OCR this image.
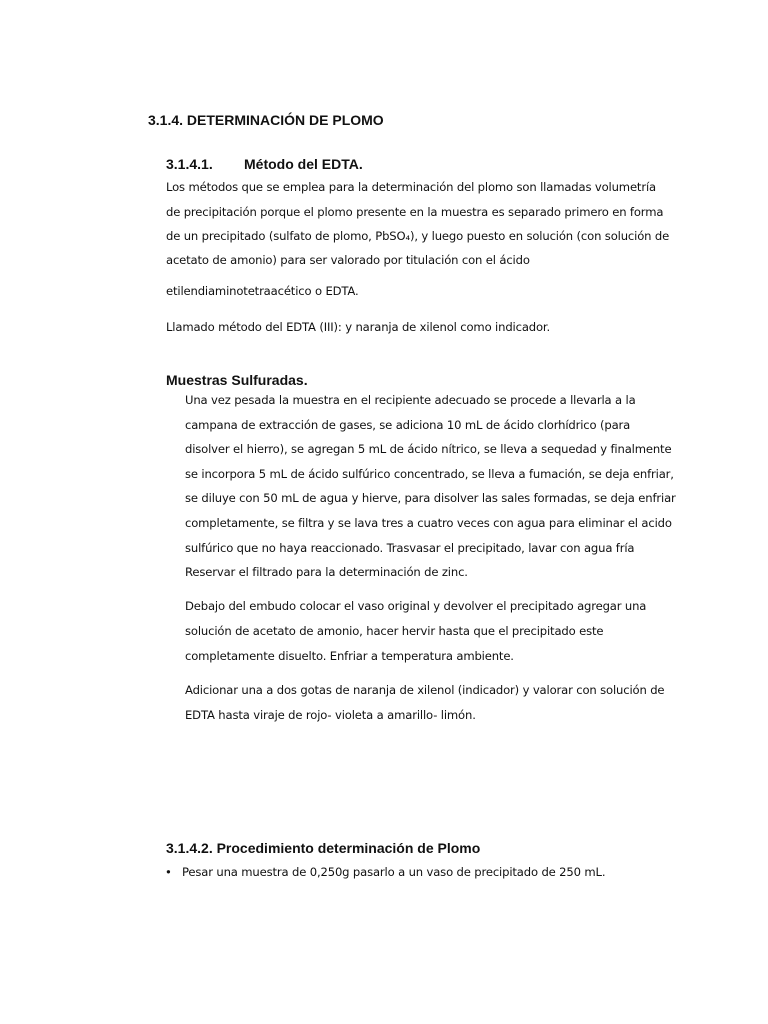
3.1.4. DETERMINACIÓN DE PLOMO
3.1.4.1. Método del EDTA.
Los métodos que se emplea para la determinación del plomo son llamadas volumetría
de precipitación porque el plomo presente en la muestra es separado primero en forma
de un precipitado (sulfato de plomo, PbSO₄), y luego puesto en solución (con solución de
acetato de amonio) para ser valorado por titulación con el ácido
etilendiaminotetraacético o EDTA.
Llamado método del EDTA (III): y naranja de xilenol como indicador.
Muestras Sulfuradas.
Una vez pesada la muestra en el recipiente adecuado se procede a llevarla a la
campana de extracción de gases, se adiciona 10 mL de ácido clorhídrico (para
disolver el hierro), se agregan 5 mL de ácido nítrico, se lleva a sequedad y finalmente
se incorpora 5 mL de ácido sulfúrico concentrado, se lleva a fumación, se deja enfriar,
se diluye con 50 mL de agua y hierve, para disolver las sales formadas, se deja enfriar
completamente, se filtra y se lava tres a cuatro veces con agua para eliminar el acido
sulfúrico que no haya reaccionado. Trasvasar el precipitado, lavar con agua fría
Reservar el filtrado para la determinación de zinc.
Debajo del embudo colocar el vaso original y devolver el precipitado agregar una
solución de acetato de amonio, hacer hervir hasta que el precipitado este
completamente disuelto. Enfriar a temperatura ambiente.
Adicionar una a dos gotas de naranja de xilenol (indicador) y valorar con solución de
EDTA hasta viraje de rojo- violeta a amarillo- limón.
3.1.4.2. Procedimiento determinación de Plomo
• Pesar una muestra de 0,250g pasarlo a un vaso de precipitado de 250 mL.
